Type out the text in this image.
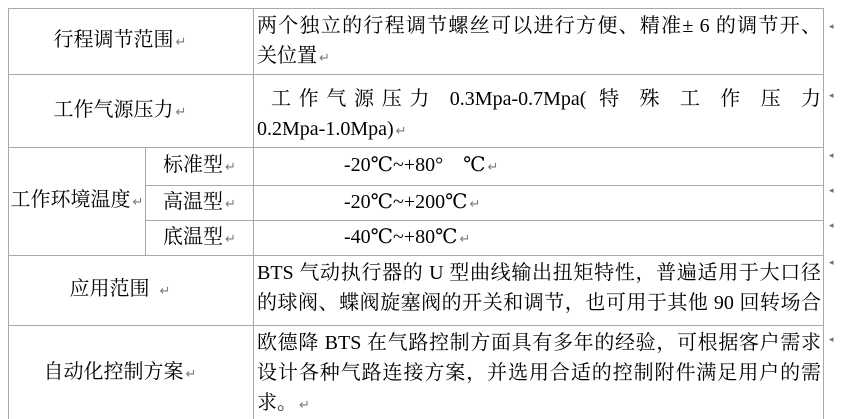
行程调节范围 ↵		两个独立的行程调节螺丝可以进行方便、精准± 6 的调节开、
关位置 ↵

工作气源压力 ↵		工作气源压力 0.3Mpa-0.7Mpa( 特 殊 工 作 压 力
0.2Mpa-1.0Mpa) ↵

工作环境温度 ↵	标准型 ↵	-20℃~+80°　℃ ↵
	高温型 ↵	-20℃~+200℃ ↵
	底温型 ↵	-40℃~+80℃ ↵
应用范围 ↵		BTS 气动执行器的 U 型曲线输出扭矩特性，普遍适用于大口径
的球阀、蝶阀旋塞阀的开关和调节，也可用于其他 90 回转场合

自动化控制方案 ↵		欧德降 BTS 在气路控制方面具有多年的经验，可根据客户需求
设计各种气路连接方案，并选用合适的控制附件满足用户的需
求。 ↵
◂
◂
◂
◂
◂
◂
◂
